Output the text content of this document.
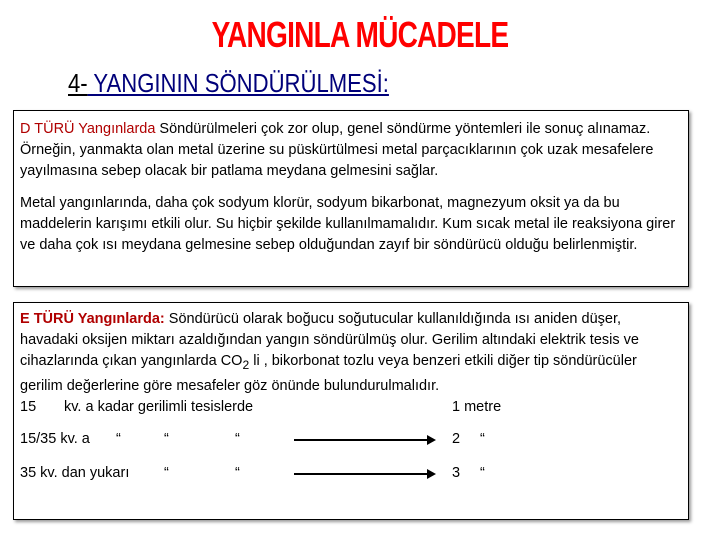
YANGINLA MÜCADELE
4- YANGININ SÖNDÜRÜLMESİ:

D TÜRÜ Yangınlarda Söndürülmeleri çok zor olup, genel söndürme yöntemleri ile sonuç alınamaz. Örneğin, yanmakta olan metal üzerine su püskürtülmesi metal parçacıklarının çok uzak mesafelere yayılmasına sebep olacak bir patlama meydana gelmesini sağlar.

Metal yangınlarında, daha çok sodyum klorür, sodyum bikarbonat, magnezyum oksit ya da bu maddelerin karışımı etkili olur. Su hiçbir şekilde kullanılmamalıdır. Kum sıcak metal ile reaksiyona girer ve daha çok ısı meydana gelmesine sebep olduğundan zayıf bir söndürücü olduğu belirlenmiştir.

E TÜRÜ Yangınlarda: Söndürücü olarak boğucu soğutucular kullanıldığında ısı aniden düşer, havadaki oksijen miktarı azaldığından yangın söndürülmüş olur. Gerilim altındaki elektrik tesis ve cihazlarında çıkan yangınlarda $CO_2$ li , bikorbonat tozlu veya benzeri etkili diğer tip söndürücüler gerilim değerlerine göre mesafeler göz önünde bulundurulmalıdır.

15 kv. a kadar gerilimli tesislerde	1 metre
15/35 kv. a “	“	“	2 “
35 kv. dan yukarı “	“	3 “
